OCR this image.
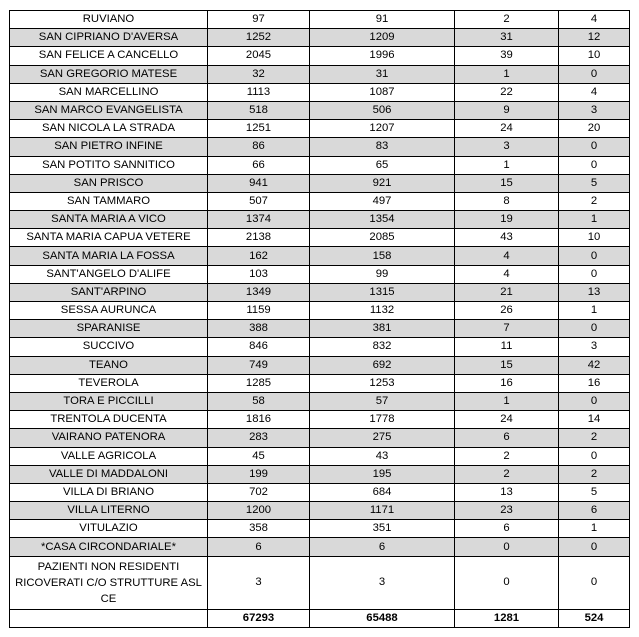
RUVIANO	97	91	2	4
SAN CIPRIANO D'AVERSA	1252	1209	31	12
SAN FELICE A CANCELLO	2045	1996	39	10
SAN GREGORIO MATESE	32	31	1	0
SAN MARCELLINO	1113	1087	22	4
SAN MARCO EVANGELISTA	518	506	9	3
SAN NICOLA LA STRADA	1251	1207	24	20
SAN PIETRO INFINE	86	83	3	0
SAN POTITO SANNITICO	66	65	1	0
SAN PRISCO	941	921	15	5
SAN TAMMARO	507	497	8	2
SANTA MARIA A VICO	1374	1354	19	1
SANTA MARIA CAPUA VETERE	2138	2085	43	10
SANTA MARIA LA FOSSA	162	158	4	0
SANT'ANGELO D'ALIFE	103	99	4	0
SANT'ARPINO	1349	1315	21	13
SESSA AURUNCA	1159	1132	26	1
SPARANISE	388	381	7	0
SUCCIVO	846	832	11	3
TEANO	749	692	15	42
TEVEROLA	1285	1253	16	16
TORA E PICCILLI	58	57	1	0
TRENTOLA DUCENTA	1816	1778	24	14
VAIRANO PATENORA	283	275	6	2
VALLE AGRICOLA	45	43	2	0
VALLE DI MADDALONI	199	195	2	2
VILLA DI BRIANO	702	684	13	5
VILLA LITERNO	1200	1171	23	6
VITULAZIO	358	351	6	1
*CASA CIRCONDARIALE*	6	6	0	0
PAZIENTI NON RESIDENTI RICOVERATI C/O STRUTTURE ASL CE	3	3	0	0
	67293	65488	1281	524
